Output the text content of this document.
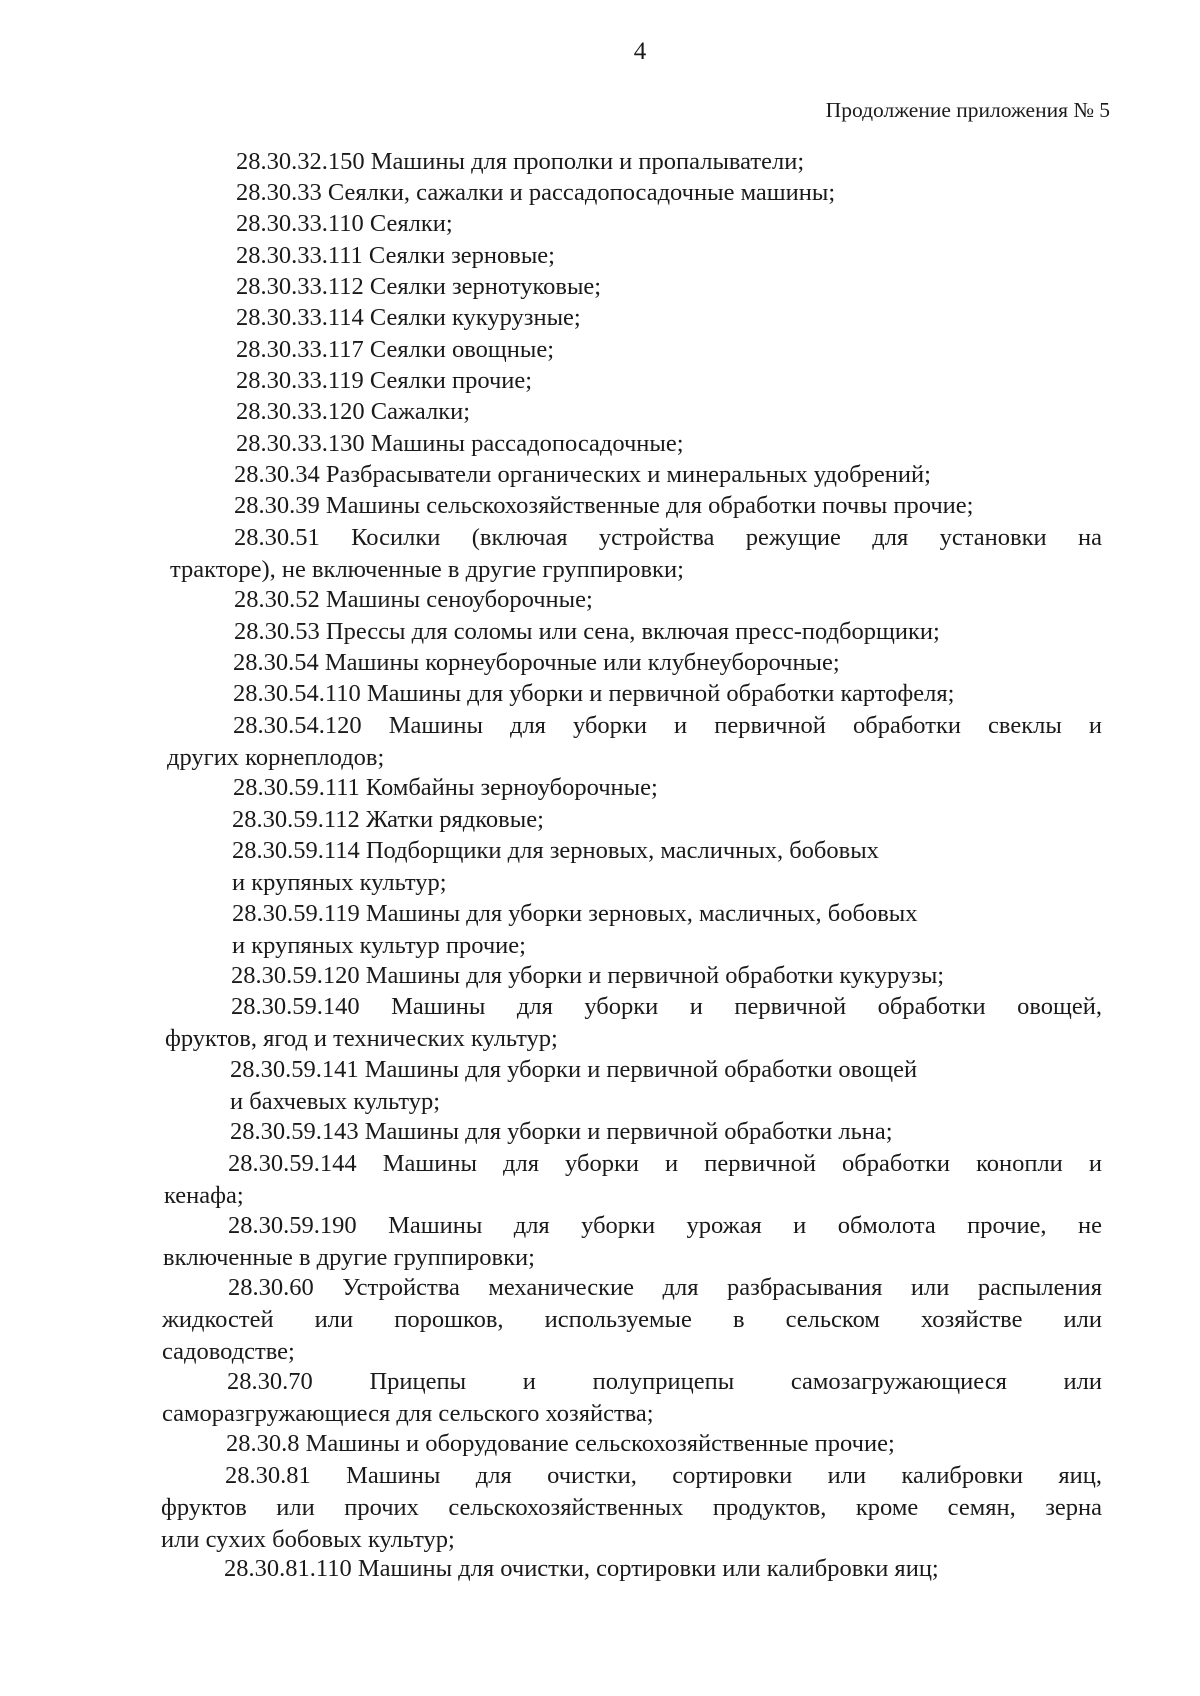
4
Продолжение приложения № 5
28.30.32.150 Машины для прополки и пропалыватели;
28.30.33 Сеялки, сажалки и рассадопосадочные машины;
28.30.33.110 Сеялки;
28.30.33.111 Сеялки зерновые;
28.30.33.112 Сеялки зернотуковые;
28.30.33.114 Сеялки кукурузные;
28.30.33.117 Сеялки овощные;
28.30.33.119 Сеялки прочие;
28.30.33.120 Сажалки;
28.30.33.130 Машины рассадопосадочные;
28.30.34 Разбрасыватели органических и минеральных удобрений;
28.30.39 Машины сельскохозяйственные для обработки почвы прочие;
28.30.51 Косилки (включая устройства режущие для установки на
тракторе), не включенные в другие группировки;
28.30.52 Машины сеноуборочные;
28.30.53 Прессы для соломы или сена, включая пресс-подборщики;
28.30.54 Машины корнеуборочные или клубнеуборочные;
28.30.54.110 Машины для уборки и первичной обработки картофеля;
28.30.54.120 Машины для уборки и первичной обработки свеклы и
других корнеплодов;
28.30.59.111 Комбайны зерноуборочные;
28.30.59.112 Жатки рядковые;
28.30.59.114 Подборщики для зерновых, масличных, бобовых
и крупяных культур;
28.30.59.119 Машины для уборки зерновых, масличных, бобовых
и крупяных культур прочие;
28.30.59.120 Машины для уборки и первичной обработки кукурузы;
28.30.59.140 Машины для уборки и первичной обработки овощей,
фруктов, ягод и технических культур;
28.30.59.141 Машины для уборки и первичной обработки овощей
и бахчевых культур;
28.30.59.143 Машины для уборки и первичной обработки льна;
28.30.59.144 Машины для уборки и первичной обработки конопли и
кенафа;
28.30.59.190 Машины для уборки урожая и обмолота прочие, не
включенные в другие группировки;
28.30.60 Устройства механические для разбрасывания или распыления
жидкостей или порошков, используемые в сельском хозяйстве или
садоводстве;
28.30.70 Прицепы и полуприцепы самозагружающиеся или
саморазгружающиеся для сельского хозяйства;
28.30.8 Машины и оборудование сельскохозяйственные прочие;
28.30.81 Машины для очистки, сортировки или калибровки яиц,
фруктов или прочих сельскохозяйственных продуктов, кроме семян, зерна
или сухих бобовых культур;
28.30.81.110 Машины для очистки, сортировки или калибровки яиц;
